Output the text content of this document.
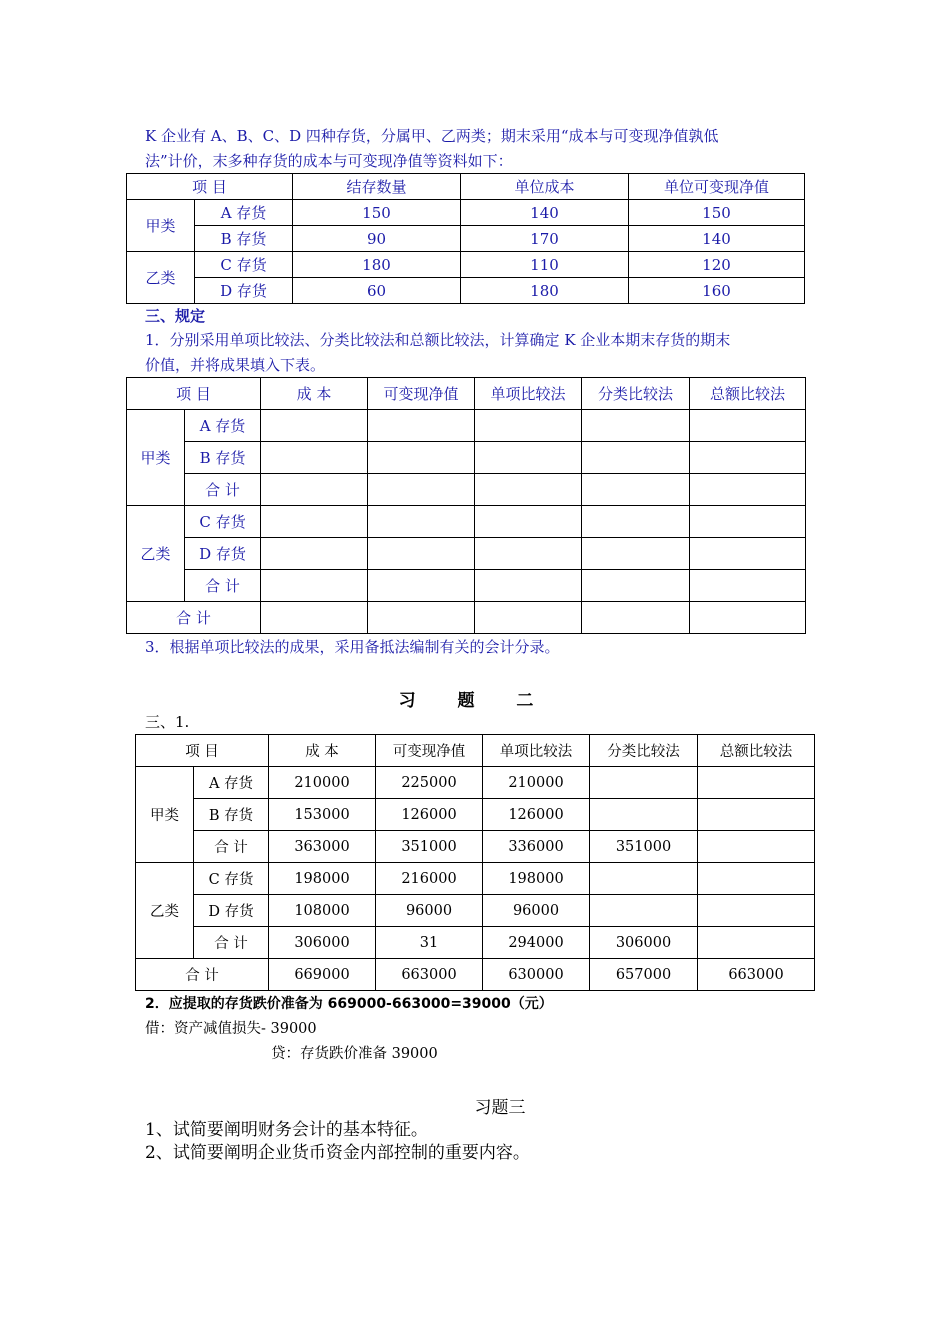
K 企业有 A、B、C、D 四种存货，分属甲、乙两类；期末采用“成本与可变现净值孰低
法”计价，末多种存货的成本与可变现净值等资料如下：
项 目		结存数量	单位成本	单位可变现净值
甲类	A 存货	150	140	150
	B 存货	90	170	140
乙类	C 存货	180	110	120
	D 存货	60	180	160
三、规定
1．分别采用单项比较法、分类比较法和总额比较法，计算确定 K 企业本期末存货的期末
价值，并将成果填入下表。
项 目		成 本	可变现净值	单项比较法	分类比较法	总额比较法
甲类	A 存货					
	B 存货					
	合 计					
乙类	C 存货					
	D 存货					
	合 计					
合 计						
3．根据单项比较法的成果，采用备抵法编制有关的会计分录。
习 题 二
三、1.
项 目		成 本	可变现净值	单项比较法	分类比较法	总额比较法
甲类	A 存货	210000	225000	210000		
	B 存货	153000	126000	126000		
	合 计	363000	351000	336000	351000	
乙类	C 存货	198000	216000	198000		
	D 存货	108000	96000	96000		
	合 计	306000	31	294000	306000	
合 计		669000	663000	630000	657000	663000
2．应提取的存货跌价准备为 669000-663000=39000（元）
借：资产减值损失- 39000
贷：存货跌价准备 39000
习题三
1、试简要阐明财务会计的基本特征。
2、试简要阐明企业货币资金内部控制的重要内容。
